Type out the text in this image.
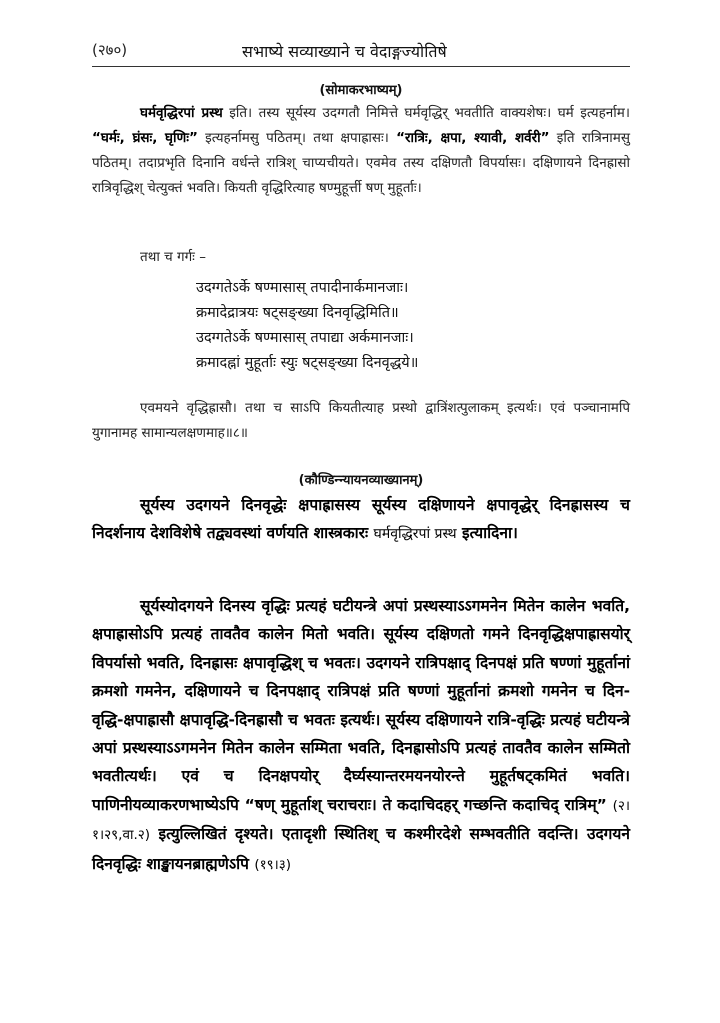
(२७०)	सभाष्ये सव्याख्याने च वेदाङ्गज्योतिषे
(सोमाकरभाष्यम्)
घर्मवृद्धिरपां प्रस्थ इति। तस्य सूर्यस्य उदग्गतौ निमित्ते घर्मवृद्धिर् भवतीति वाक्यशेषः। घर्म इत्यहर्नाम। “घर्मः, घ्रंसः, घृणिः” इत्यहर्नामसु पठितम्। तथा क्षपाह्रासः। “रात्रिः, क्षपा, श्यावी, शर्वरी” इति रात्रिनामसु पठितम्। तदाप्रभृति दिनानि वर्धन्ते रात्रिश् चाप्यचीयते। एवमेव तस्य दक्षिणतौ विपर्यासः। दक्षिणायने दिनह्रासो रात्रिवृद्धिश् चेत्युक्तं भवति। कियती वृद्धिरित्याह षण्मुहूर्त्ती षण् मुहूर्ताः।
तथा च गर्गः –
उदग्गतेऽर्के षण्मासास् तपादीनार्कमानजाः।
क्रमादेद्रात्रयः षट्सङ्ख्या दिनवृद्धिमिति॥
उदग्गतेऽर्के षण्मासास् तपाद्या अर्कमानजाः।
क्रमादह्नां मुहूर्ताः स्युः षट्सङ्ख्या दिनवृद्धये॥
एवमयने वृद्धिह्रासौ। तथा च साऽपि कियतीत्याह प्रस्थो द्वात्रिंशत्पुलाकम् इत्यर्थः। एवं पञ्चानामपि युगानामह सामान्यलक्षणमाह॥८॥
(कौण्डिन्न्यायनव्याख्यानम्)
सूर्यस्य उदगयने दिनवृद्धेः क्षपाह्रासस्य सूर्यस्य दक्षिणायने क्षपावृद्धेर् दिनह्रासस्य च निदर्शनाय देशविशेषे तद्व्यवस्थां वर्णयति शास्त्रकारः घर्मवृद्धिरपां प्रस्थ इत्यादिना।
सूर्यस्योदगयने दिनस्य वृद्धिः प्रत्यहं घटीयन्त्रे अपां प्रस्थस्याऽऽगमनेन मितेन कालेन भवति, क्षपाह्रासोऽपि प्रत्यहं तावतैव कालेन मितो भवति। सूर्यस्य दक्षिणतो गमने दिनवृद्धिक्षपाह्रासयोर् विपर्यासो भवति, दिनह्रासः क्षपावृद्धिश् च भवतः। उदगयने रात्रिपक्षाद् दिनपक्षं प्रति षण्णां मुहूर्तानां क्रमशो गमनेन, दक्षिणायने च दिनपक्षाद् रात्रिपक्षं प्रति षण्णां मुहूर्तानां क्रमशो गमनेन च दिन-वृद्धि-क्षपाह्रासौ क्षपावृद्धि-दिनह्रासौ च भवतः इत्यर्थः। सूर्यस्य दक्षिणायने रात्रि-वृद्धिः प्रत्यहं घटीयन्त्रे अपां प्रस्थस्याऽऽगमनेन मितेन कालेन सम्मिता भवति, दिनह्रासोऽपि प्रत्यहं तावतैव कालेन सम्मितो भवतीत्यर्थः। एवं च दिनक्षपयोर् दैर्घ्यस्यान्तरमयनयोरन्ते मुहूर्तषट्कमितं भवति। पाणिनीयव्याकरणभाष्येऽपि “षण् मुहूर्ताश् चराचराः। ते कदाचिदहर् गच्छन्ति कदाचिद् रात्रिम्” (२।१।२९,वा.२) इत्युल्लिखितं दृश्यते। एतादृशी स्थितिश् च कश्मीरदेशे सम्भवतीति वदन्ति। उदगयने दिनवृद्धिः शाङ्खायनब्राह्मणेऽपि (१९।३)
